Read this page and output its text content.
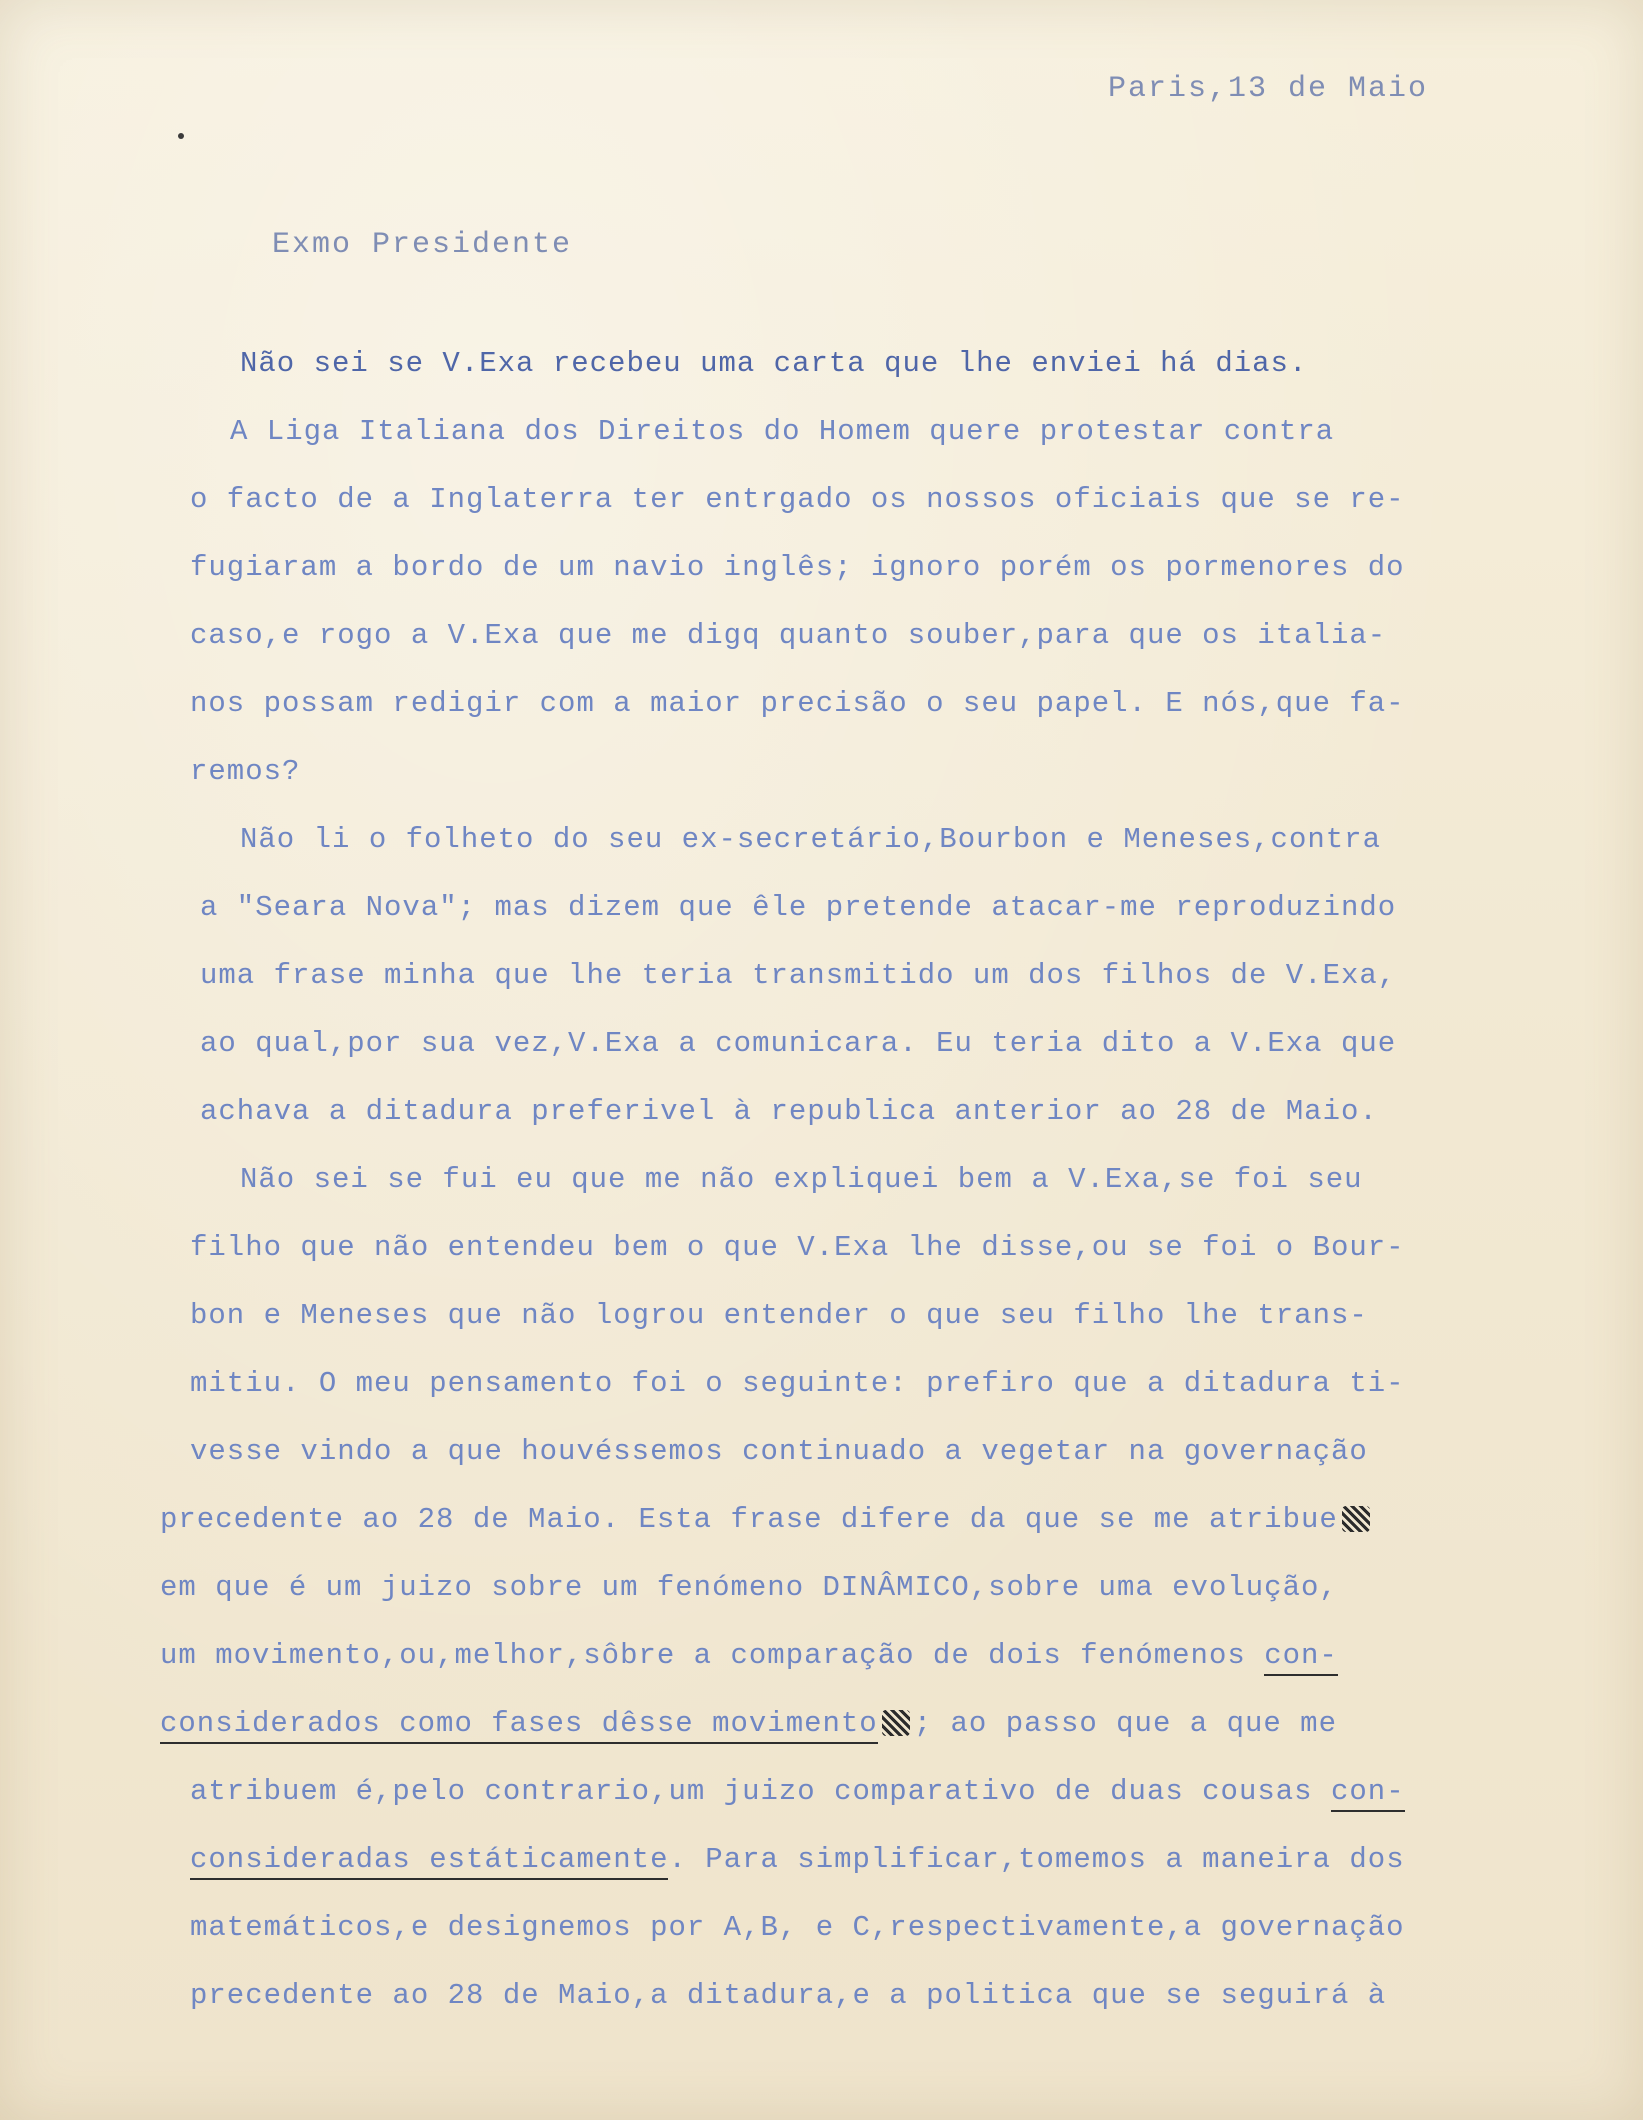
Paris,13 de Maio
Exmo Presidente
Não sei se V.Exa recebeu uma carta que lhe enviei há dias.
A Liga Italiana dos Direitos do Homem quere protestar contra
o facto de a Inglaterra ter entrgado os nossos oficiais que se re-
fugiaram a bordo de um navio inglês; ignoro porém os pormenores do
caso,e rogo a V.Exa que me digq quanto souber,para que os italia-
nos possam redigir com a maior precisão o seu papel. E nós,que fa-
remos?
Não li o folheto do seu ex-secretário,Bourbon e Meneses,contra
a "Seara Nova"; mas dizem que êle pretende atacar-me reproduzindo
uma frase minha que lhe teria transmitido um dos filhos de V.Exa,
ao qual,por sua vez,V.Exa a comunicara. Eu teria dito a V.Exa que
achava a ditadura preferivel à republica anterior ao 28 de Maio.
Não sei se fui eu que me não expliquei bem a V.Exa,se foi seu
filho que não entendeu bem o que V.Exa lhe disse,ou se foi o Bour-
bon e Meneses que não logrou entender o que seu filho lhe trans-
mitiu. O meu pensamento foi o seguinte: prefiro que a ditadura ti-
vesse vindo a que houvéssemos continuado a vegetar na governação
precedente ao 28 de Maio. Esta frase difere da que se me atribue
em que é um juizo sobre um fenómeno DINÂMICO,sobre uma evolução,
um movimento,ou,melhor,sôbre a comparação de dois fenómenos con-
considerados como fases dêsse movimento ; ao passo que a que me
atribuem é,pelo contrario,um juizo comparativo de duas cousas con-
consideradas estáticamente. Para simplificar,tomemos a maneira dos
matemáticos,e designemos por A,B, e C,respectivamente,a governação
precedente ao 28 de Maio,a ditadura,e a politica que se seguirá à
